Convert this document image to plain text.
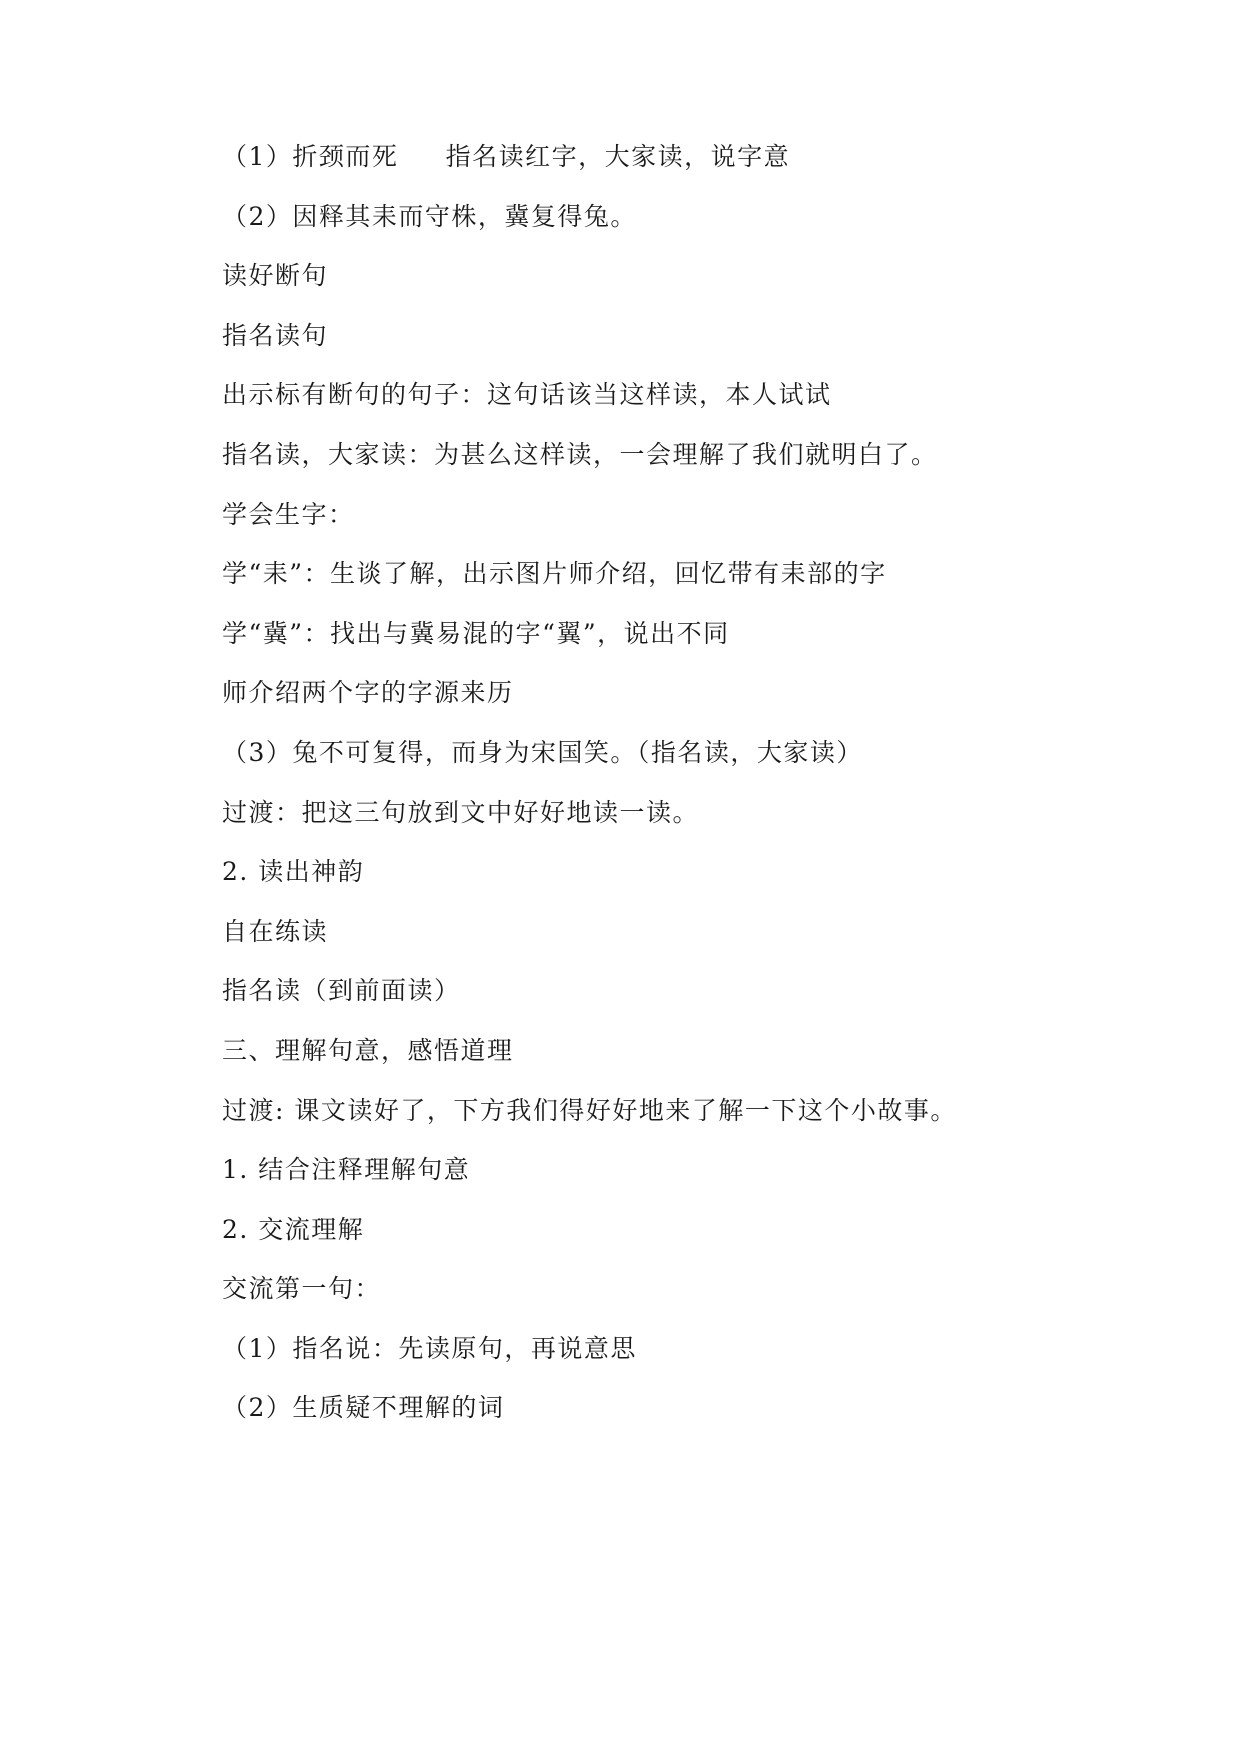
（1）折颈而死     指名读红字，大家读，说字意

（2）因释其耒而守株，冀复得兔。

读好断句

指名读句

出示标有断句的句子：这句话该当这样读，本人试试

指名读，大家读：为甚么这样读，一会理解了我们就明白了。

学会生字：

学“耒”：生谈了解，出示图片师介绍，回忆带有耒部的字

学“冀”：找出与冀易混的字“翼”，说出不同

师介绍两个字的字源来历

（3）兔不可复得，而身为宋国笑。（指名读，大家读）

过渡：把这三句放到文中好好地读一读。

2. 读出神韵

自在练读

指名读（到前面读）

三、理解句意，感悟道理

过渡: 课文读好了，下方我们得好好地来了解一下这个小故事。

1. 结合注释理解句意

2. 交流理解

交流第一句：

（1）指名说：先读原句，再说意思

（2）生质疑不理解的词
